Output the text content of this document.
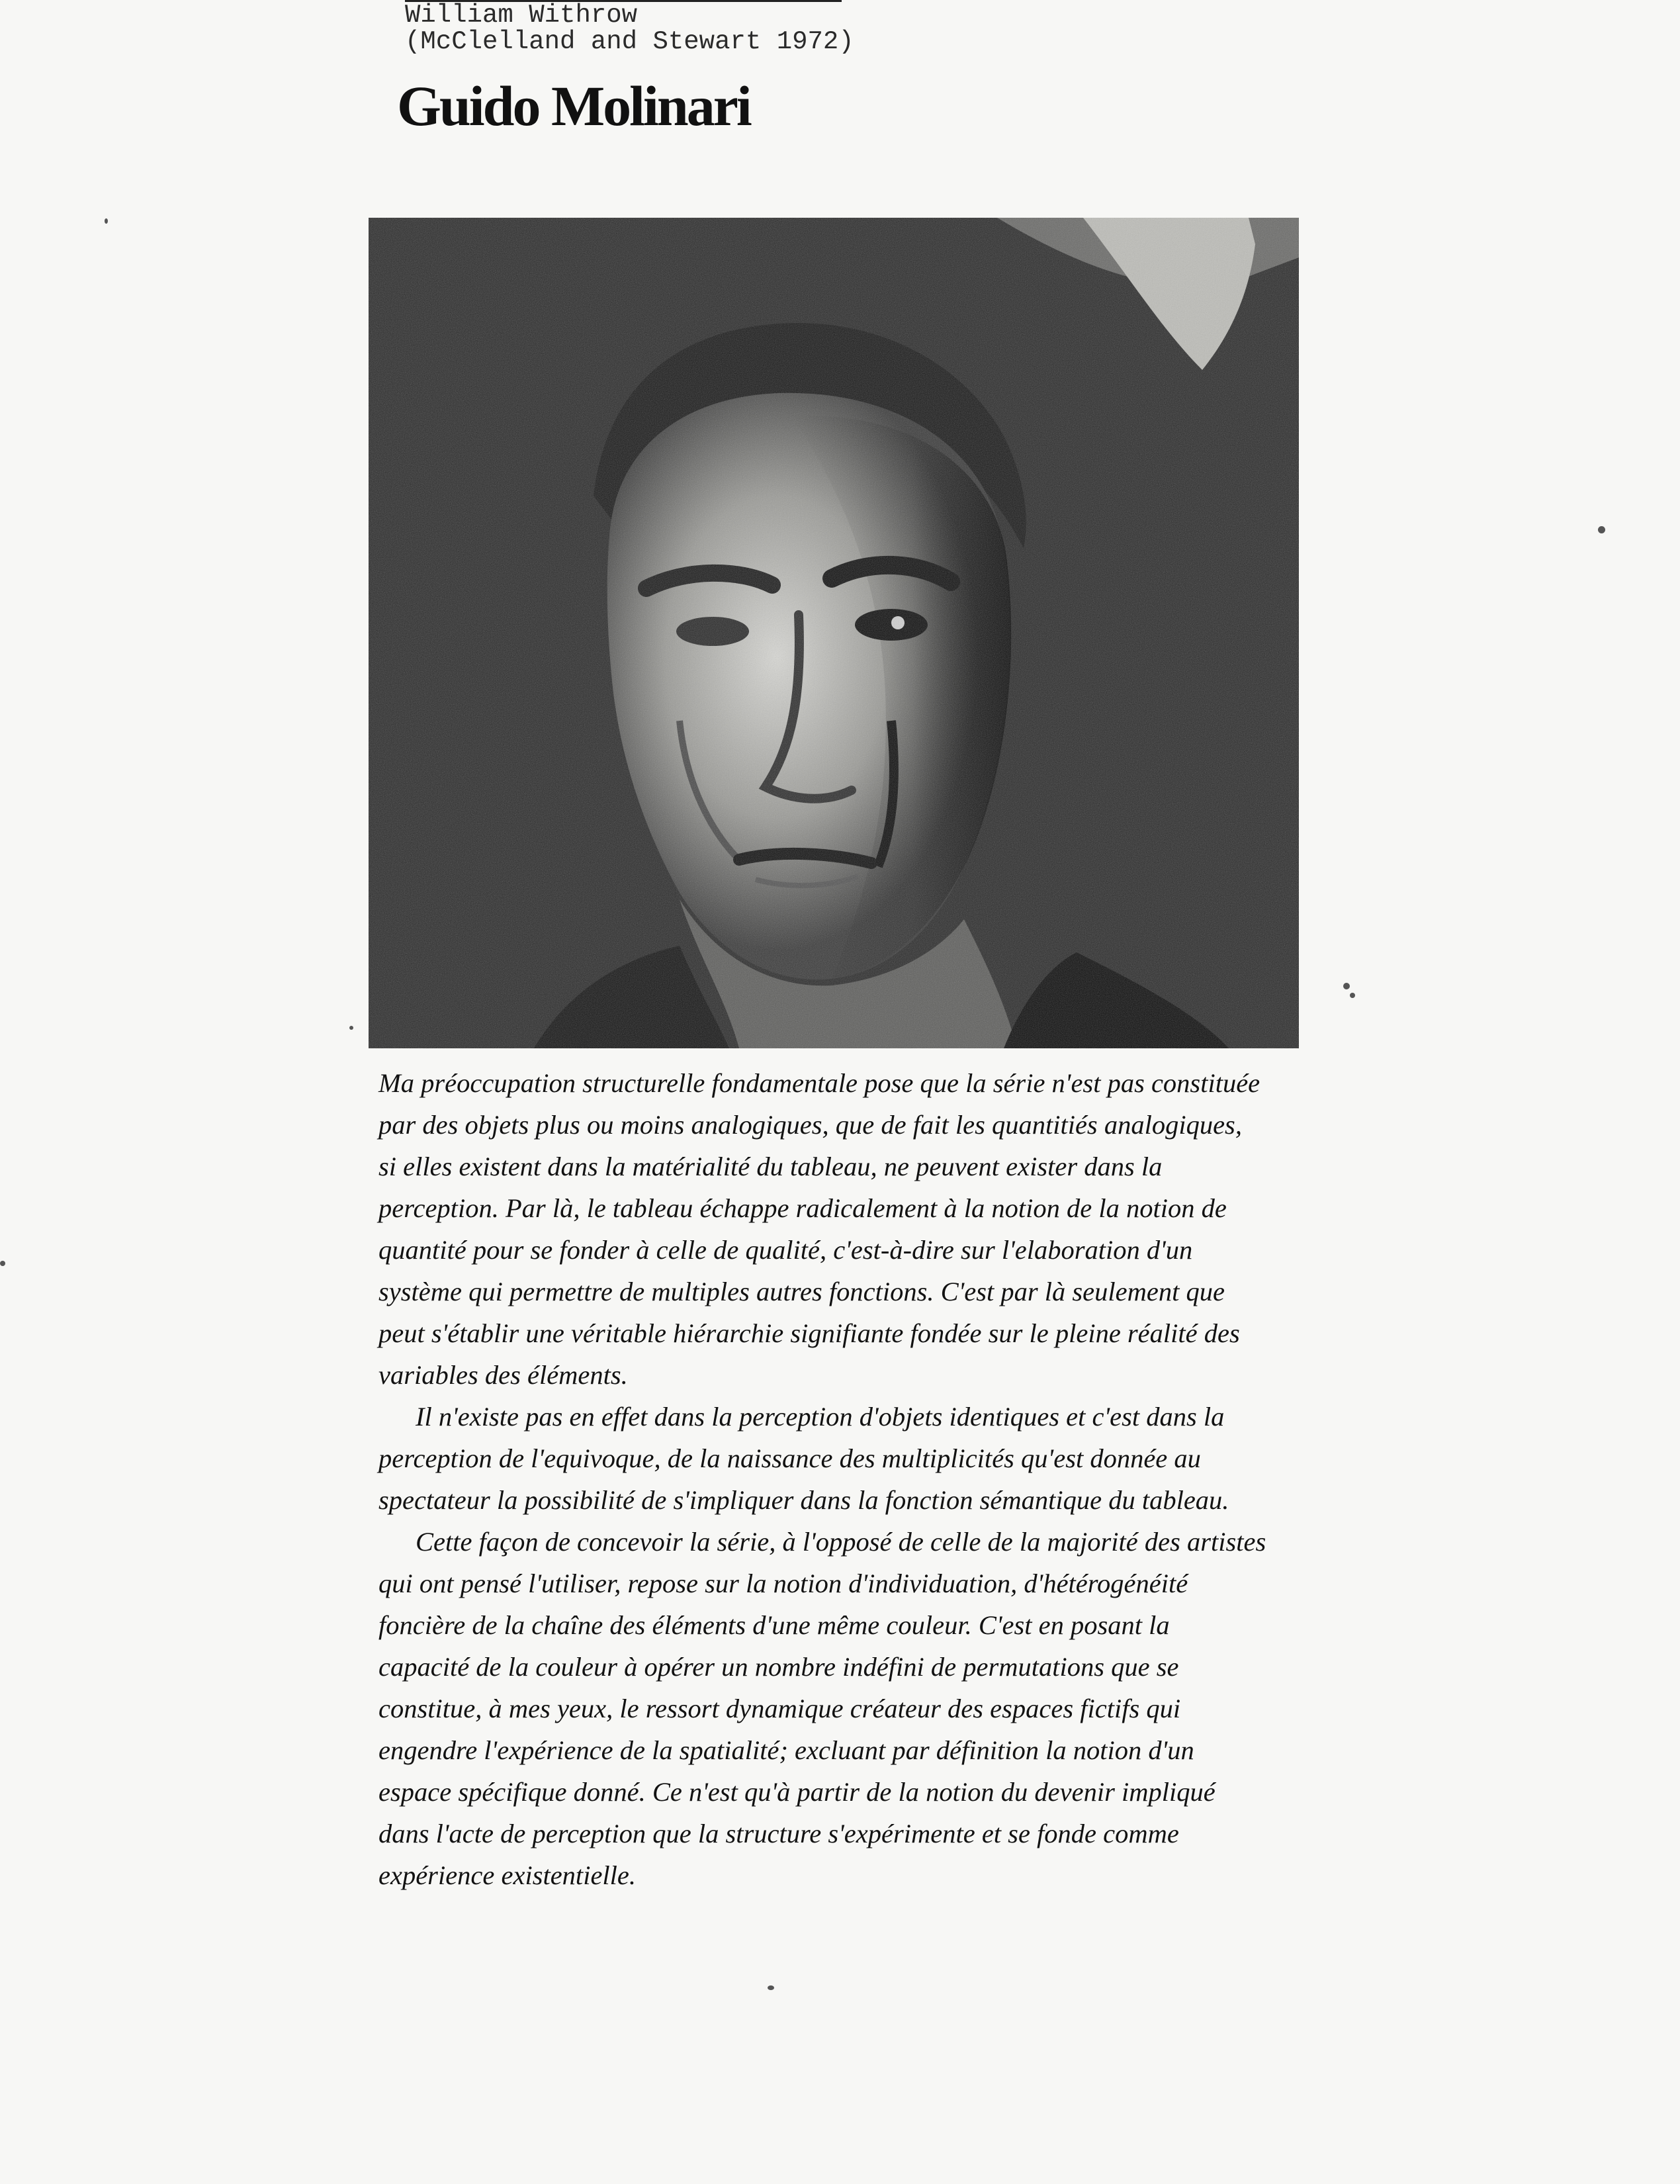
William Withrow
(McClelland and Stewart 1972)
Guido Molinari

Ma préoccupation structurelle fondamentale pose que la série n'est pas constituée
par des objets plus ou moins analogiques, que de fait les quantitiés analogiques,
si elles existent dans la matérialité du tableau, ne peuvent exister dans la
perception. Par là, le tableau échappe radicalement à la notion de la notion de
quantité pour se fonder à celle de qualité, c'est-à-dire sur l'elaboration d'un
système qui permettre de multiples autres fonctions. C'est par là seulement que
peut s'établir une véritable hiérarchie signifiante fondée sur le pleine réalité des
variables des éléments.

Il n'existe pas en effet dans la perception d'objets identiques et c'est dans la
perception de l'equivoque, de la naissance des multiplicités qu'est donnée au
spectateur la possibilité de s'impliquer dans la fonction sémantique du tableau.

Cette façon de concevoir la série, à l'opposé de celle de la majorité des artistes
qui ont pensé l'utiliser, repose sur la notion d'individuation, d'hétérogénéité
foncière de la chaîne des éléments d'une même couleur. C'est en posant la
capacité de la couleur à opérer un nombre indéfini de permutations que se
constitue, à mes yeux, le ressort dynamique créateur des espaces fictifs qui
engendre l'expérience de la spatialité; excluant par définition la notion d'un
espace spécifique donné. Ce n'est qu'à partir de la notion du devenir impliqué
dans l'acte de perception que la structure s'expérimente et se fonde comme
expérience existentielle.
